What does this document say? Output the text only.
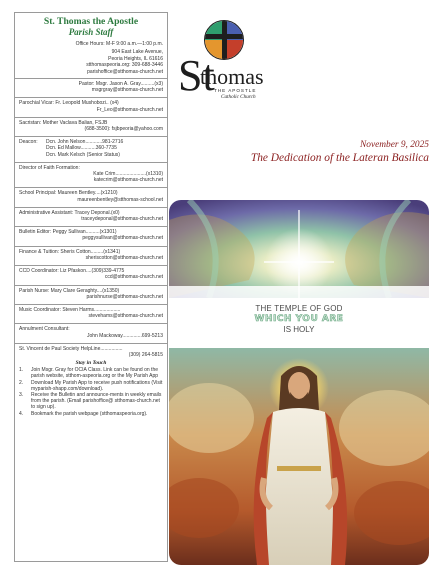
St. Thomas the Apostle
Parish Staff
Office Hours: M-F 9:00 a.m.—1:00 p.m.
904 East Lake Avenue,
Peoria Heights, IL 61616
stthomaspeoria.org: 309-688-3446
parishoffice@stthomas-church.net
Pastor: Msgr. Jason A. Gray..........(x3)
msgrgray@stthomas-church.net
Parochial Vicar: Fr. Leopold Mushobozi.. (x4)
Fr_Leo@stthomas-church.net
Sacristan: Mother Vaclava Balian, FSJB
(688-3500): fsjbpeoria@yahoo.com
Deacon:	Dcn. John Nelson............981-2716
Dcn. Ed Mallow...........360-7735
Dcn. Mark Kelsch (Senior Status)
Director of Faith Formation:
Kate Crim......................(x1310)
katecrim@stthomas-church.net
School Principal: Maureen Bentley....(x1210)
maureenbentley@stthomas-school.net
Administrative Assistant: Tracey Deponal.(x0)
traceydeponal@stthomas-church.net
Bulletin Editor: Peggy Sullivan..........(x1301)
peggysullivan@stthomas-church.net
Finance & Tuition: Sheris Cotton.........(x1341)
sheriscotton@stthomas-church.net
CCD Coordinator: Liz Pfaskon....(309)339-4775
ccd@stthomas-church.net
Parish Nurse: Mary Clare Geraghty....(x1350)
parishnurse@stthomas-church.net
Music Coordinator: Steven Harms...................
stevehams@stthomas-church.net
Annulment Consultant:
John Mackoway..............699-5213
St. Vincent de Paul Society HelpLine................
(309) 264-5815
Stay in Touch
1.	Join Msgr. Gray for OCIA Class. Link can be found on the parish website, stthom-aspeoria.org or the My Parish App
2.	Download My Parish App to receive push notifications (Visit myparish-shapp.com/download).
3.	Receive the Bulletin and announce-ments in weekly emails from the parish. (Email parishoffice@ stthomas-church.net to sign up).
4.	Bookmark the parish webpage (stthomaspeoria.org).
St
thomas
THE APOSTLE
Catholic Church
November 9, 2025
The Dedication of the Lateran Basilica
THE TEMPLE OF GOD
WHICH YOU ARE
IS HOLY
